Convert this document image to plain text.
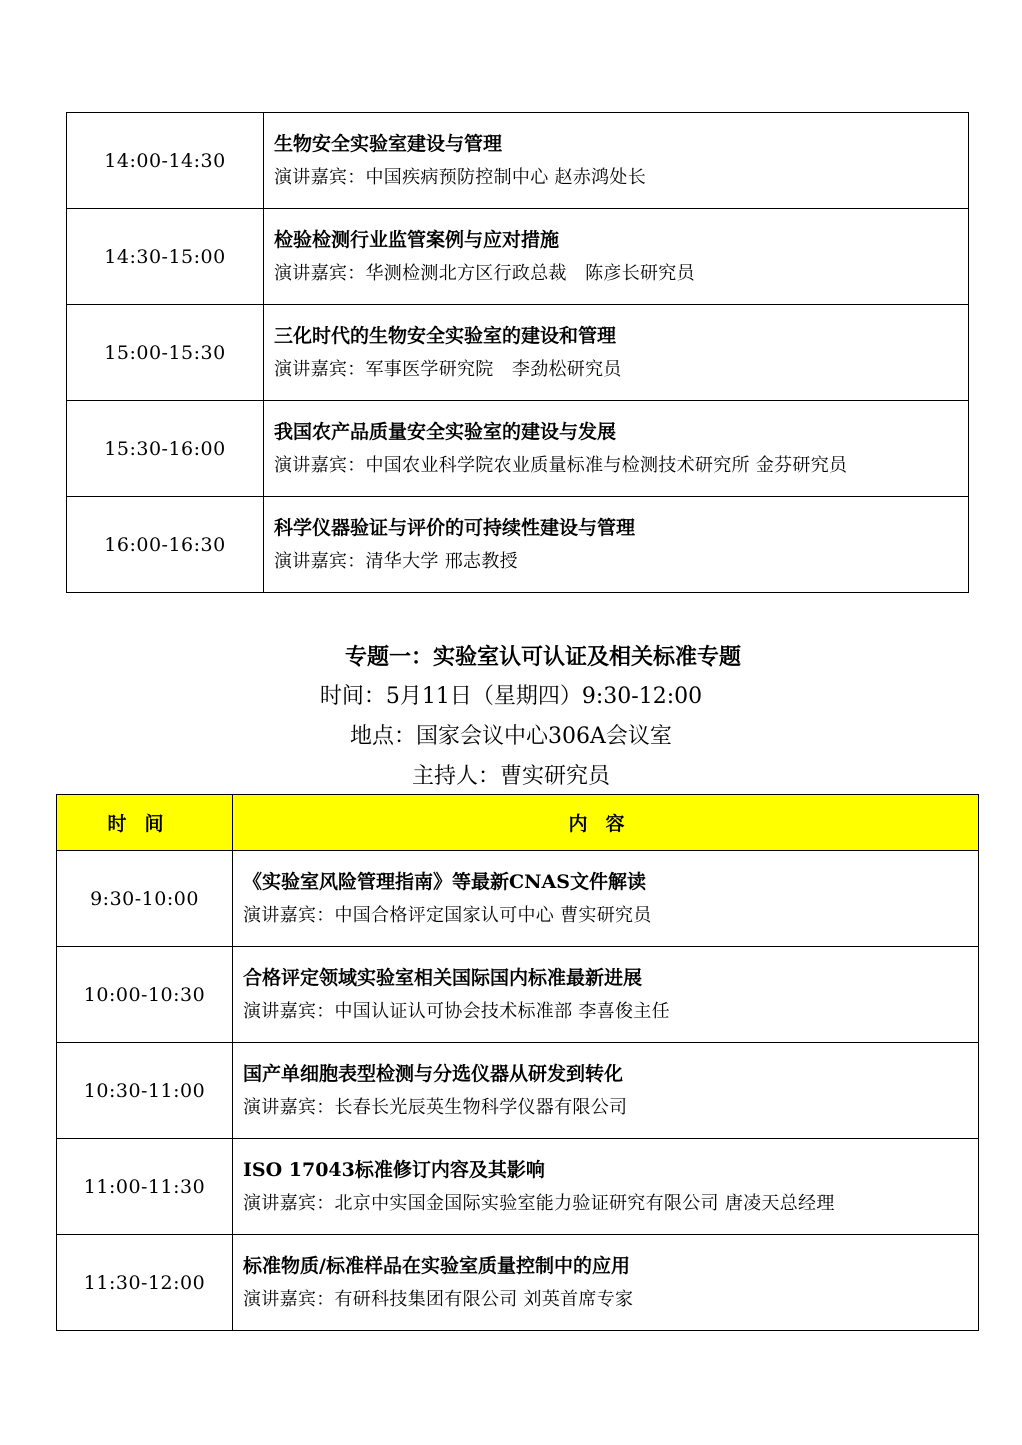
14:00-14:30	生物安全实验室建设与管理
演讲嘉宾：中国疾病预防控制中心 赵赤鸿处长

14:30-15:00	检验检测行业监管案例与应对措施
演讲嘉宾：华测检测北方区行政总裁　陈彦长研究员

15:00-15:30	三化时代的生物安全实验室的建设和管理
演讲嘉宾：军事医学研究院　李劲松研究员

15:30-16:00	我国农产品质量安全实验室的建设与发展
演讲嘉宾：中国农业科学院农业质量标准与检测技术研究所 金芬研究员

16:00-16:30	科学仪器验证与评价的可持续性建设与管理
演讲嘉宾：清华大学 邢志教授
专题一：实验室认可认证及相关标准专题
时间：5月11日（星期四）9:30-12:00
地点：国家会议中心306A会议室
主持人：曹实研究员
时间	内容
9:30-10:00	《实验室风险管理指南》等最新CNAS文件解读
演讲嘉宾：中国合格评定国家认可中心 曹实研究员

10:00-10:30	合格评定领域实验室相关国际国内标准最新进展
演讲嘉宾：中国认证认可协会技术标准部 李喜俊主任

10:30-11:00	国产单细胞表型检测与分选仪器从研发到转化
演讲嘉宾：长春长光辰英生物科学仪器有限公司

11:00-11:30	ISO 17043标准修订内容及其影响
演讲嘉宾：北京中实国金国际实验室能力验证研究有限公司 唐凌天总经理

11:30-12:00	标准物质/标准样品在实验室质量控制中的应用
演讲嘉宾：有研科技集团有限公司 刘英首席专家
